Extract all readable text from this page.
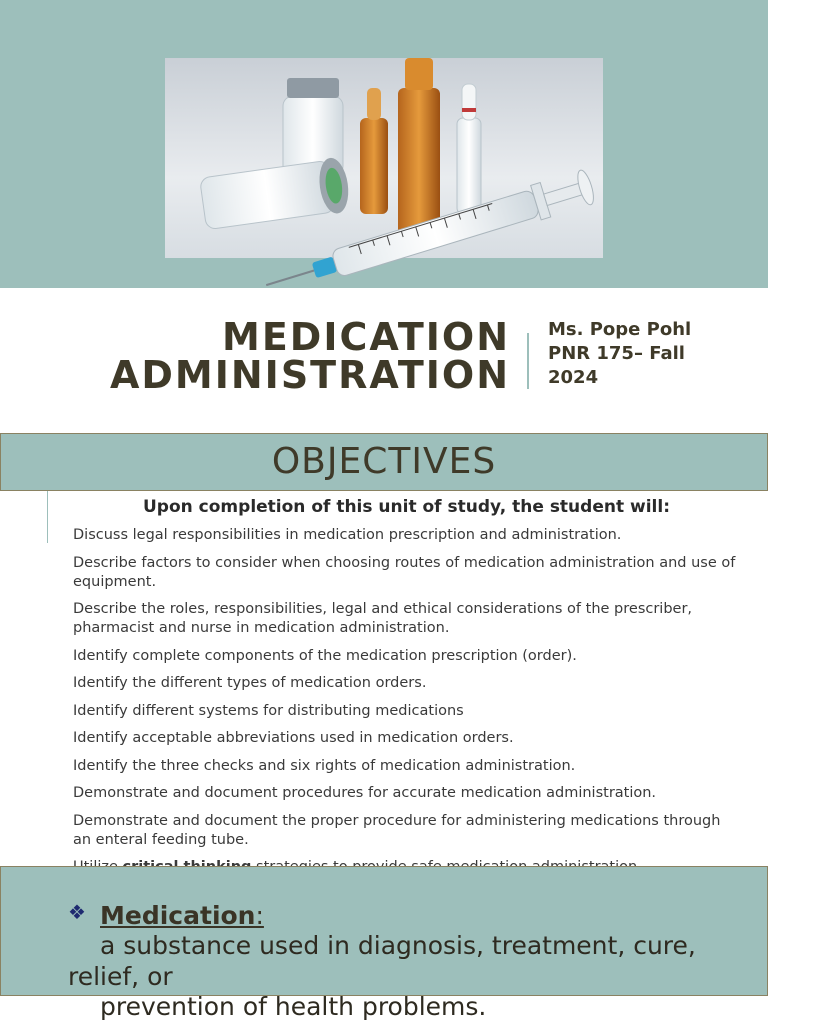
MEDICATION
ADMINISTRATION
Ms. Pope Pohl
PNR 175– Fall
2024
OBJECTIVES
Upon completion of this unit of study, the student will:
Discuss legal responsibilities in medication prescription and administration.
Describe factors to consider when choosing routes of medication administration and use of equipment.
Describe the roles, responsibilities, legal and ethical considerations of the prescriber, pharmacist and nurse in medication administration.
Identify complete components of the medication prescription (order).
Identify the different types of medication orders.
Identify different systems for distributing medications
Identify acceptable abbreviations used in medication orders.
Identify the three checks and six rights of medication administration.
Demonstrate and document procedures for accurate medication administration.
Demonstrate and document the proper procedure for administering medications through an enteral feeding tube.
❖ Medication:
a substance used in diagnosis, treatment, cure,
relief, or
prevention of health problems.
